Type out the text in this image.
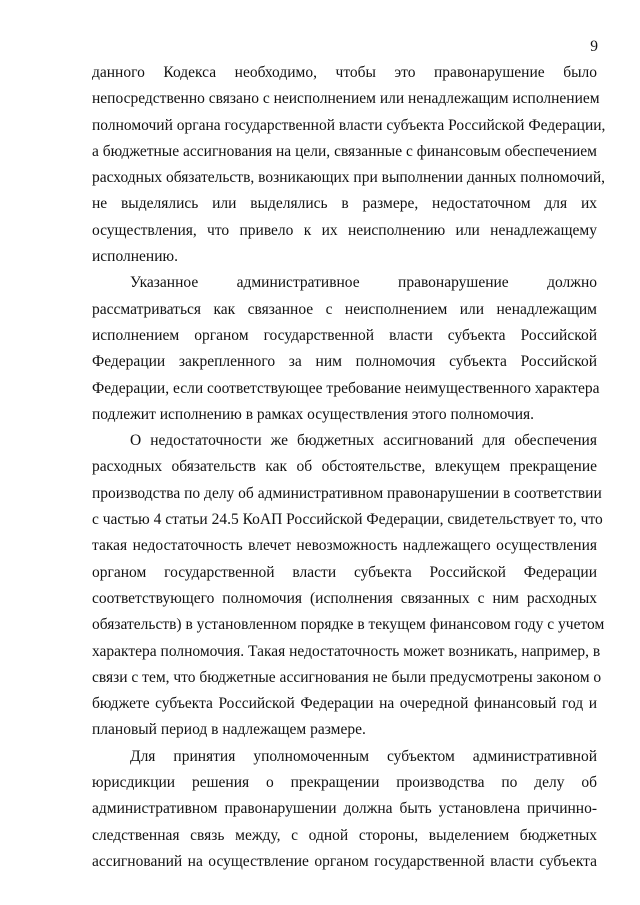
9
данного Кодекса необходимо, чтобы это правонарушение было
непосредственно связано с неисполнением или ненадлежащим исполнением
полномочий органа государственной власти субъекта Российской Федерации,
а бюджетные ассигнования на цели, связанные с финансовым обеспечением
расходных обязательств, возникающих при выполнении данных полномочий,
не выделялись или выделялись в размере, недостаточном для их
осуществления, что привело к их неисполнению или ненадлежащему
исполнению.
Указанное административное правонарушение должно
рассматриваться как связанное с неисполнением или ненадлежащим
исполнением органом государственной власти субъекта Российской
Федерации закрепленного за ним полномочия субъекта Российской
Федерации, если соответствующее требование неимущественного характера
подлежит исполнению в рамках осуществления этого полномочия.
О недостаточности же бюджетных ассигнований для обеспечения
расходных обязательств как об обстоятельстве, влекущем прекращение
производства по делу об административном правонарушении в соответствии
с частью 4 статьи 24.5 КоАП Российской Федерации, свидетельствует то, что
такая недостаточность влечет невозможность надлежащего осуществления
органом государственной власти субъекта Российской Федерации
соответствующего полномочия (исполнения связанных с ним расходных
обязательств) в установленном порядке в текущем финансовом году с учетом
характера полномочия. Такая недостаточность может возникать, например, в
связи с тем, что бюджетные ассигнования не были предусмотрены законом о
бюджете субъекта Российской Федерации на очередной финансовый год и
плановый период в надлежащем размере.
Для принятия уполномоченным субъектом административной
юрисдикции решения о прекращении производства по делу об
административном правонарушении должна быть установлена причинно-
следственная связь между, с одной стороны, выделением бюджетных
ассигнований на осуществление органом государственной власти субъекта
